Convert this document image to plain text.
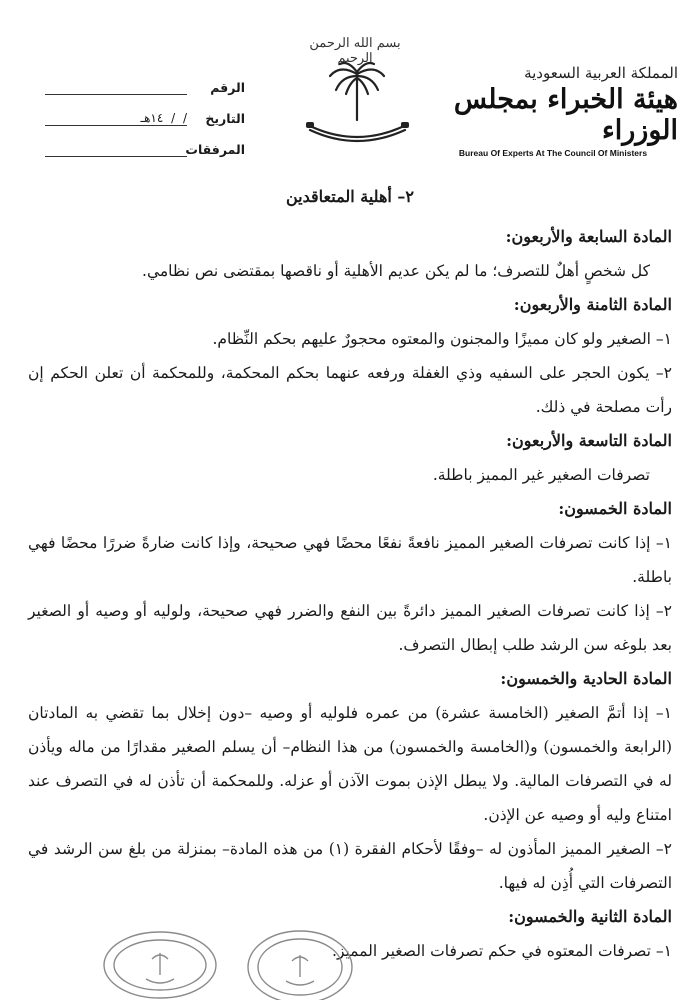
بسم الله الرحمن الرحيم
المملكة العربية السعودية
هيئة الخبراء بمجلس الوزراء
Bureau Of Experts At The Council Of Ministers
الرقم
التاريخ
/ / ١٤هـ
المرفقات
٢– أهلية المتعاقدين
المادة السابعة والأربعون:
كل شخصٍ أهلٌ للتصرف؛ ما لم يكن عديم الأهلية أو ناقصها بمقتضى نص نظامي.
المادة الثامنة والأربعون:
١– الصغير ولو كان مميزًا والمجنون والمعتوه محجورٌ عليهم بحكم النِّظام.
٢– يكون الحجر على السفيه وذي الغفلة ورفعه عنهما بحكم المحكمة، وللمحكمة أن تعلن الحكم إن رأت مصلحة في ذلك.
المادة التاسعة والأربعون:
تصرفات الصغير غير المميز باطلة.
المادة الخمسون:
١– إذا كانت تصرفات الصغير المميز نافعةً نفعًا محضًا فهي صحيحة، وإذا كانت ضارةً ضررًا محضًا فهي باطلة.
٢– إذا كانت تصرفات الصغير المميز دائرةً بين النفع والضرر فهي صحيحة، ولوليه أو وصيه أو الصغير بعد بلوغه سن الرشد طلب إبطال التصرف.
المادة الحادية والخمسون:
١– إذا أتمَّ الصغير (الخامسة عشرة) من عمره فلوليه أو وصيه –دون إخلال بما تقضي به المادتان (الرابعة والخمسون) و(الخامسة والخمسون) من هذا النظام– أن يسلم الصغير مقدارًا من ماله ويأذن له في التصرفات المالية. ولا يبطل الإذن بموت الآذن أو عزله. وللمحكمة أن تأذن له في التصرف عند امتناع وليه أو وصيه عن الإذن.
٢– الصغير المميز المأذون له –وفقًا لأحكام الفقرة (١) من هذه المادة– بمنزلة من بلغ سن الرشد في التصرفات التي أُذِن له فيها.
المادة الثانية والخمسون:
١– تصرفات المعتوه في حكم تصرفات الصغير المميز.
